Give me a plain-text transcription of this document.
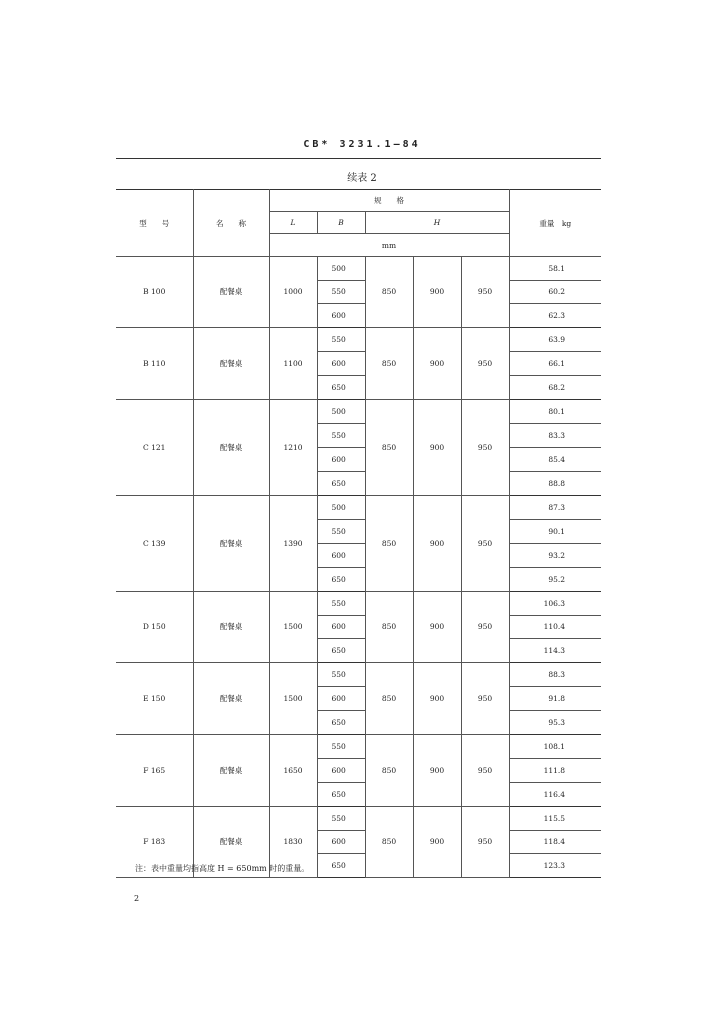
CB* 3231.1—84
续表 2
型　　号	名　　称	规　　格					重量　kg
		L	B	H			
		mm					
B 100	配餐桌	1000	500	850	900	950	58.1
			550				60.2
			600				62.3
B 110	配餐桌	1100	550	850	900	950	63.9
			600				66.1
			650				68.2
C 121	配餐桌	1210	500	850	900	950	80.1
			550				83.3
			600				85.4
			650				88.8
C 139	配餐桌	1390	500	850	900	950	87.3
			550				90.1
			600				93.2
			650				95.2
D 150	配餐桌	1500	550	850	900	950	106.3
			600				110.4
			650				114.3
E 150	配餐桌	1500	550	850	900	950	88.3
			600				91.8
			650				95.3
F 165	配餐桌	1650	550	850	900	950	108.1
			600				111.8
			650				116.4
F 183	配餐桌	1830	550	850	900	950	115.5
			600				118.4
			650				123.3
注：表中重量均指高度 H = 650mm 时的重量。
2
